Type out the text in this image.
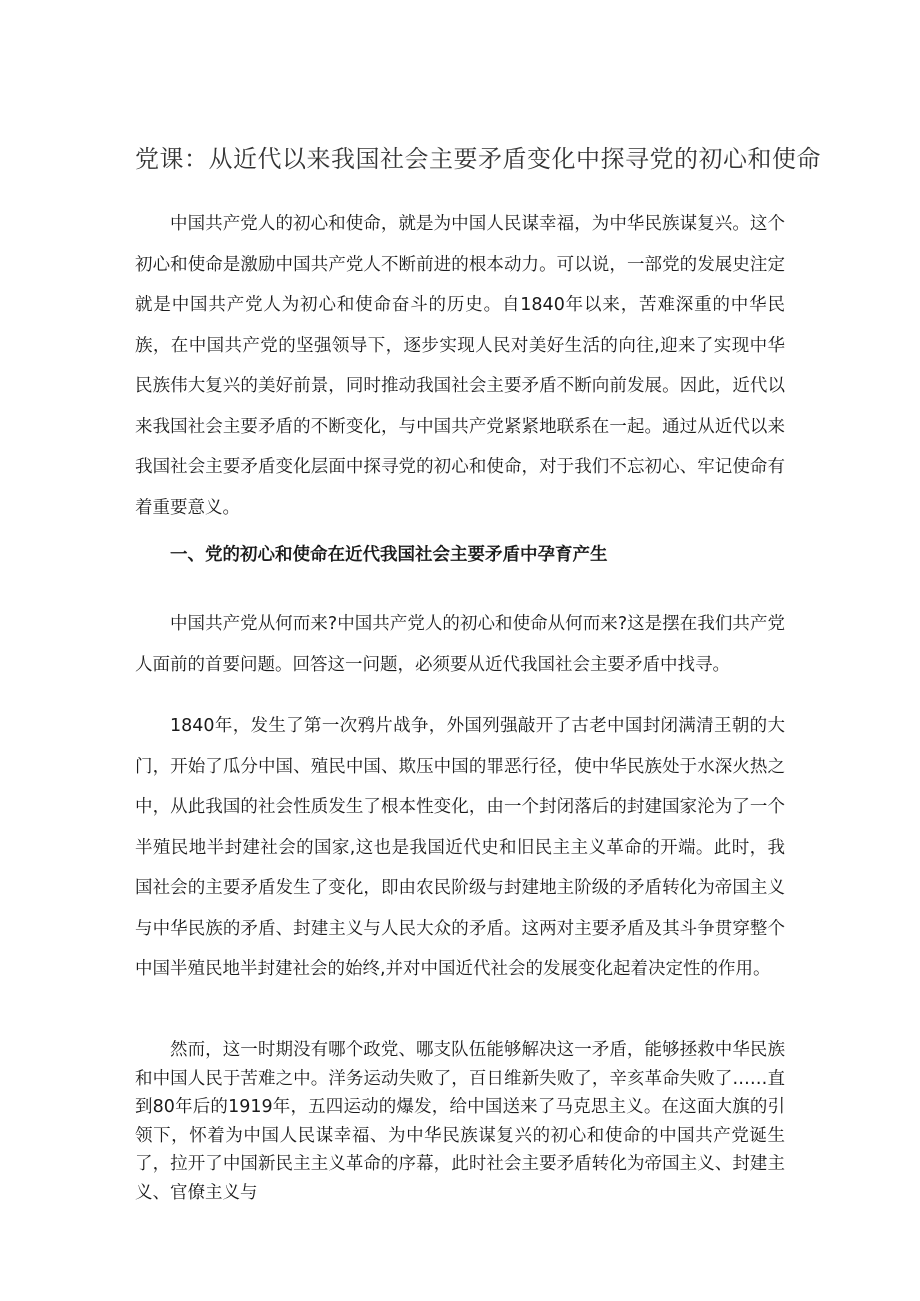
党课：从近代以来我国社会主要矛盾变化中探寻党的初心和使命

中国共产党人的初心和使命，就是为中国人民谋幸福，为中华民族谋复兴。这个初心和使命是激励中国共产党人不断前进的根本动力。可以说，一部党的发展史注定就是中国共产党人为初心和使命奋斗的历史。自1840年以来，苦难深重的中华民族，在中国共产党的坚强领导下，逐步实现人民对美好生活的向往,迎来了实现中华民族伟大复兴的美好前景，同时推动我国社会主要矛盾不断向前发展。因此，近代以来我国社会主要矛盾的不断变化，与中国共产党紧紧地联系在一起。通过从近代以来我国社会主要矛盾变化层面中探寻党的初心和使命，对于我们不忘初心、牢记使命有着重要意义。

一、党的初心和使命在近代我国社会主要矛盾中孕育产生

中国共产党从何而来?中国共产党人的初心和使命从何而来?这是摆在我们共产党人面前的首要问题。回答这一问题，必须要从近代我国社会主要矛盾中找寻。

1840年，发生了第一次鸦片战争，外国列强敲开了古老中国封闭满清王朝的大门，开始了瓜分中国、殖民中国、欺压中国的罪恶行径，使中华民族处于水深火热之中，从此我国的社会性质发生了根本性变化，由一个封闭落后的封建国家沦为了一个半殖民地半封建社会的国家,这也是我国近代史和旧民主主义革命的开端。此时，我国社会的主要矛盾发生了变化，即由农民阶级与封建地主阶级的矛盾转化为帝国主义与中华民族的矛盾、封建主义与人民大众的矛盾。这两对主要矛盾及其斗争贯穿整个中国半殖民地半封建社会的始终,并对中国近代社会的发展变化起着决定性的作用。

然而，这一时期没有哪个政党、哪支队伍能够解决这一矛盾，能够拯救中华民族和中国人民于苦难之中。洋务运动失败了，百日维新失败了，辛亥革命失败了……直到80年后的1919年，五四运动的爆发，给中国送来了马克思主义。在这面大旗的引领下，怀着为中国人民谋幸福、为中华民族谋复兴的初心和使命的中国共产党诞生了，拉开了中国新民主主义革命的序幕，此时社会主要矛盾转化为帝国主义、封建主义、官僚主义与
